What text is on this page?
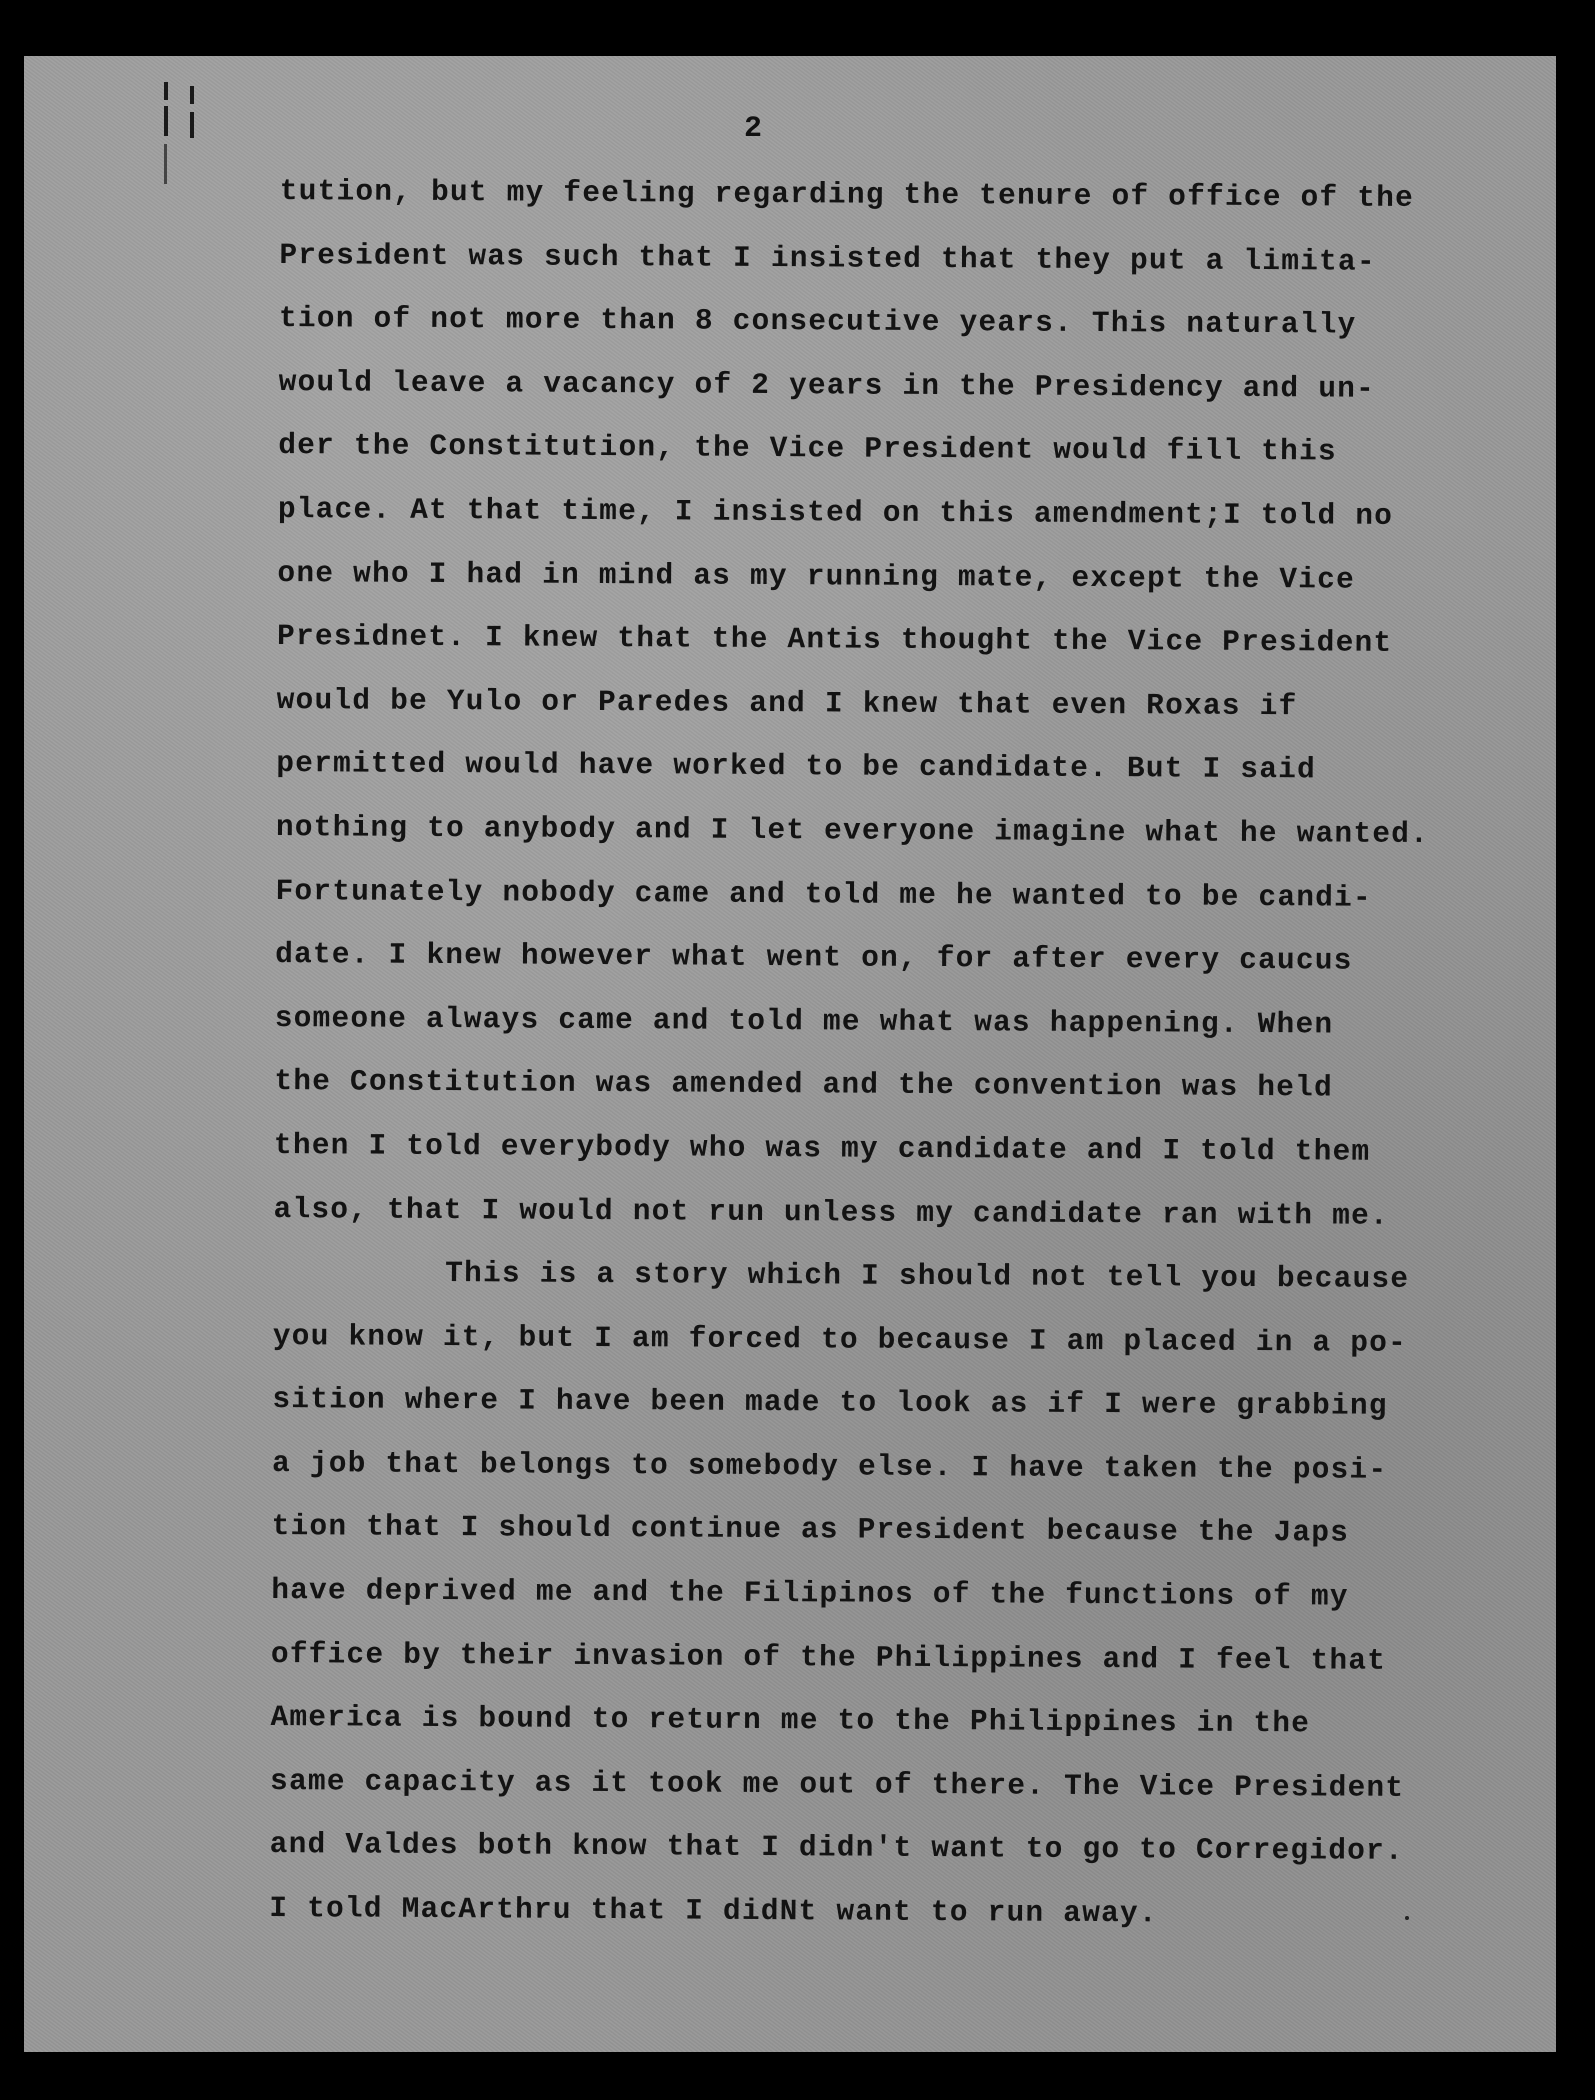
2
tution, but my feeling regarding the tenure of office of the
President was such that I insisted that they put a limita-
tion of not more than 8 consecutive years. This naturally
would leave a vacancy of 2 years in the Presidency and un-
der the Constitution, the Vice President would fill this
place. At that time, I insisted on this amendment;I told no
one who I had in mind as my running mate, except the Vice
Presidnet. I knew that the Antis thought the Vice President
would be Yulo or Paredes and I knew that even Roxas if
permitted would have worked to be candidate. But I said
nothing to anybody and I let everyone imagine what he wanted.
Fortunately nobody came and told me he wanted to be candi-
date. I knew however what went on, for after every caucus
someone always came and told me what was happening. When
the Constitution was amended and the convention was held
then I told everybody who was my candidate and I told them
also, that I would not run unless my candidate ran with me.
This is a story which I should not tell you because
you know it, but I am forced to because I am placed in a po-
sition where I have been made to look as if I were grabbing
a job that belongs to somebody else. I have taken the posi-
tion that I should continue as President because the Japs
have deprived me and the Filipinos of the functions of my
office by their invasion of the Philippines and I feel that
America is bound to return me to the Philippines in the
same capacity as it took me out of there. The Vice President
and Valdes both know that I didn't want to go to Corregidor.
I told MacArthru that I didNt want to run away.
